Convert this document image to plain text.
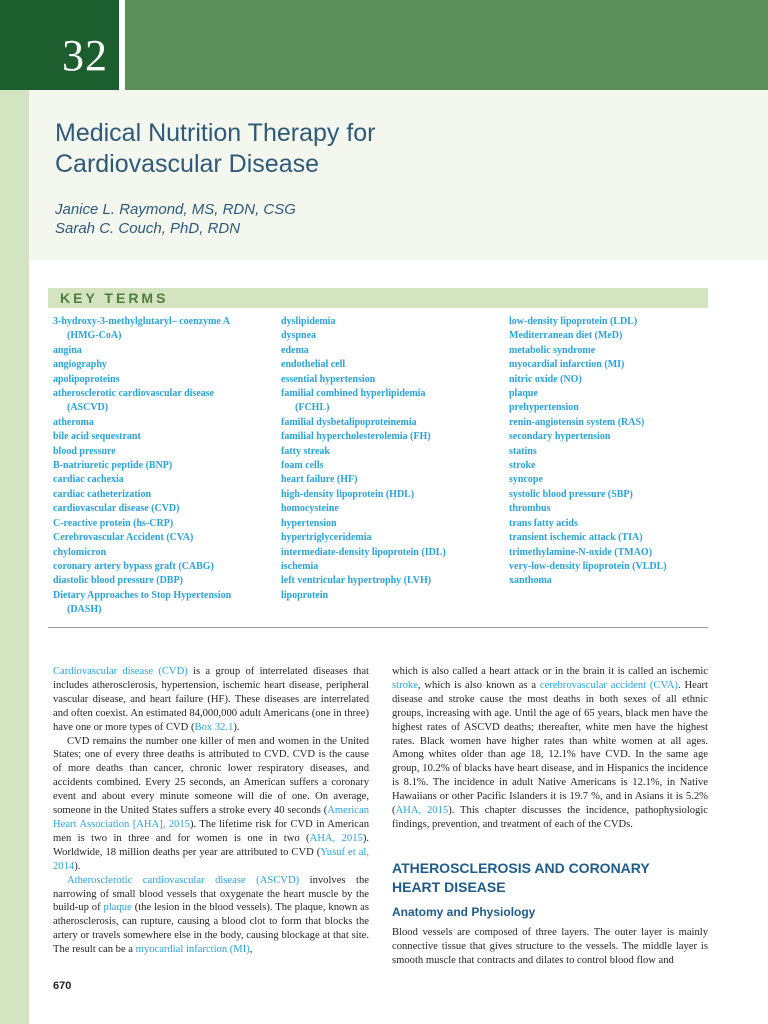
32
Medical Nutrition Therapy for
Cardiovascular Disease
Janice L. Raymond, MS, RDN, CSG
Sarah C. Couch, PhD, RDN
KEY TERMS
3-hydroxy-3-methylglutaryl– coenzyme A
(HMG-CoA)
angina
angiography
apolipoproteins
atherosclerotic cardiovascular disease
(ASCVD)
atheroma
bile acid sequestrant
blood pressure
B-natriuretic peptide (BNP)
cardiac cachexia
cardiac catheterization
cardiovascular disease (CVD)
C-reactive protein (hs-CRP)
Cerebrovascular Accident (CVA)
chylomicron
coronary artery bypass graft (CABG)
diastolic blood pressure (DBP)
Dietary Approaches to Stop Hypertension
(DASH)
dyslipidemia
dyspnea
edema
endothelial cell
essential hypertension
familial combined hyperlipidemia
(FCHL)
familial dysbetalipoproteinemia
familial hypercholesterolemia (FH)
fatty streak
foam cells
heart failure (HF)
high-density lipoprotein (HDL)
homocysteine
hypertension
hypertriglyceridemia
intermediate-density lipoprotein (IDL)
ischemia
left ventricular hypertrophy (LVH)
lipoprotein
low-density lipoprotein (LDL)
Mediterranean diet (MeD)
metabolic syndrome
myocardial infarction (MI)
nitric oxide (NO)
plaque
prehypertension
renin-angiotensin system (RAS)
secondary hypertension
statins
stroke
syncope
systolic blood pressure (SBP)
thrombus
trans fatty acids
transient ischemic attack (TIA)
trimethylamine-N-oxide (TMAO)
very-low-density lipoprotein (VLDL)
xanthoma

Cardiovascular disease (CVD) is a group of interrelated diseases that includes atherosclerosis, hypertension, ischemic heart disease, peripheral vascular disease, and heart failure (HF). These diseases are interrelated and often coexist. An estimated 84,000,000 adult Americans (one in three) have one or more types of CVD (Box 32.1).

CVD remains the number one killer of men and women in the United States; one of every three deaths is attributed to CVD. CVD is the cause of more deaths than cancer, chronic lower respiratory diseases, and accidents combined. Every 25 seconds, an American suffers a coronary event and about every minute someone will die of one. On average, someone in the United States suffers a stroke every 40 seconds (American Heart Association [AHA], 2015). The lifetime risk for CVD in American men is two in three and for women is one in two (AHA, 2015). Worldwide, 18 million deaths per year are attributed to CVD (Yusuf et al, 2014).

Atherosclerotic cardiovascular disease (ASCVD) involves the narrowing of small blood vessels that oxygenate the heart muscle by the build-up of plaque (the lesion in the blood vessels). The plaque, known as atherosclerosis, can rupture, causing a blood clot to form that blocks the artery or travels somewhere else in the body, causing blockage at that site. The result can be a myocardial infarction (MI),

which is also called a heart attack or in the brain it is called an ischemic stroke, which is also known as a cerebrovascular accident (CVA). Heart disease and stroke cause the most deaths in both sexes of all ethnic groups, increasing with age. Until the age of 65 years, black men have the highest rates of ASCVD deaths; thereafter, white men have the highest rates. Black women have higher rates than white women at all ages. Among whites older than age 18, 12.1% have CVD. In the same age group, 10.2% of blacks have heart disease, and in Hispanics the incidence is 8.1%. The incidence in adult Native Americans is 12.1%, in Native Hawaiians or other Pacific Islanders it is 19.7 %, and in Asians it is 5.2% (AHA, 2015). This chapter discusses the incidence, pathophysiologic findings, prevention, and treatment of each of the CVDs.

ATHEROSCLEROSIS AND CORONARY
HEART DISEASE
Anatomy and Physiology

Blood vessels are composed of three layers. The outer layer is mainly connective tissue that gives structure to the vessels. The middle layer is smooth muscle that contracts and dilates to control blood flow and

670
